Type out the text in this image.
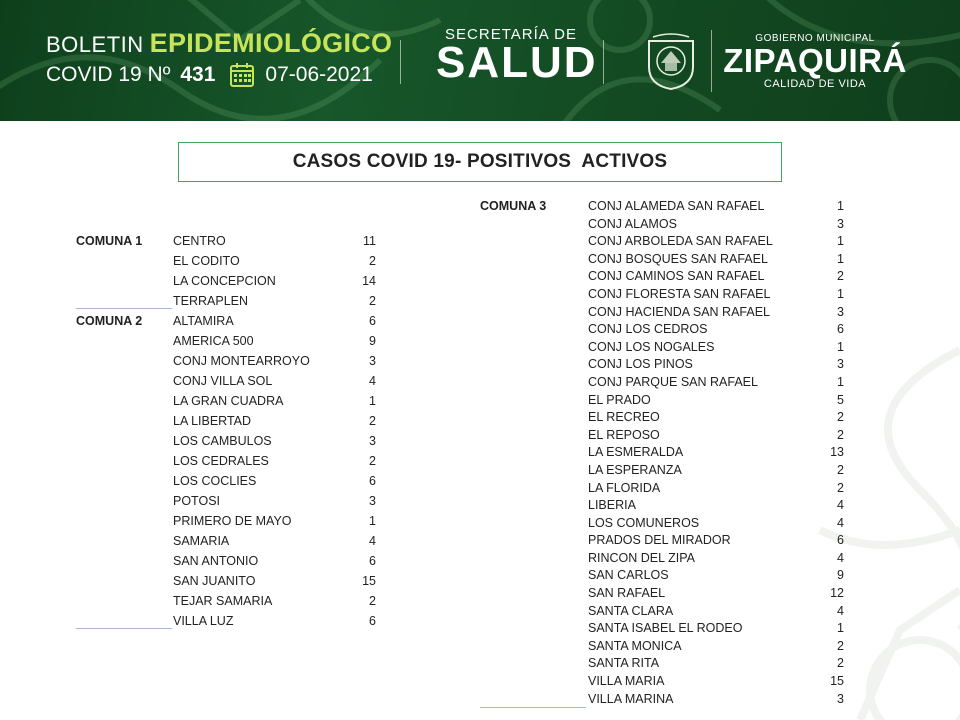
BOLETIN EPIDEMIOLÓGICO
COVID 19 Nº 431 07-06-2021
SECRETARÍA DE
SALUD	GOBIERNO MUNICIPAL
ZIPAQUIRÁ
CALIDAD DE VIDA
CASOS COVID 19- POSITIVOS  ACTIVOS
COMUNA 1 CENTRO	11
EL CODITO	2
LA CONCEPCION	14
TERRAPLEN	2
COMUNA 2 ALTAMIRA	6
AMERICA 500	9
CONJ MONTEARROYO	3
CONJ VILLA SOL	4
LA GRAN CUADRA	1
LA LIBERTAD	2
LOS CAMBULOS	3
LOS CEDRALES	2
LOS COCLIES	6
POTOSI	3
PRIMERO DE MAYO	1
SAMARIA	4
SAN ANTONIO	6
SAN JUANITO	15
TEJAR SAMARIA	2
VILLA LUZ	6
COMUNA 3	CONJ ALAMEDA SAN RAFAEL	1
CONJ ALAMOS	3
CONJ ARBOLEDA SAN RAFAEL	1
CONJ BOSQUES SAN RAFAEL	1
CONJ CAMINOS SAN RAFAEL	2
CONJ FLORESTA SAN RAFAEL	1
CONJ HACIENDA SAN RAFAEL	3
CONJ LOS CEDROS	6
CONJ LOS NOGALES	1
CONJ LOS PINOS	3
CONJ PARQUE SAN RAFAEL	1
EL PRADO	5
EL RECREO	2
EL REPOSO	2
LA ESMERALDA	13
LA ESPERANZA	2
LA FLORIDA	2
LIBERIA	4
LOS COMUNEROS	4
PRADOS DEL MIRADOR	6
RINCON DEL ZIPA	4
SAN CARLOS	9
SAN RAFAEL	12
SANTA CLARA	4
SANTA ISABEL EL RODEO	1
SANTA MONICA	2
SANTA RITA	2
VILLA MARIA	15
VILLA MARINA	3
